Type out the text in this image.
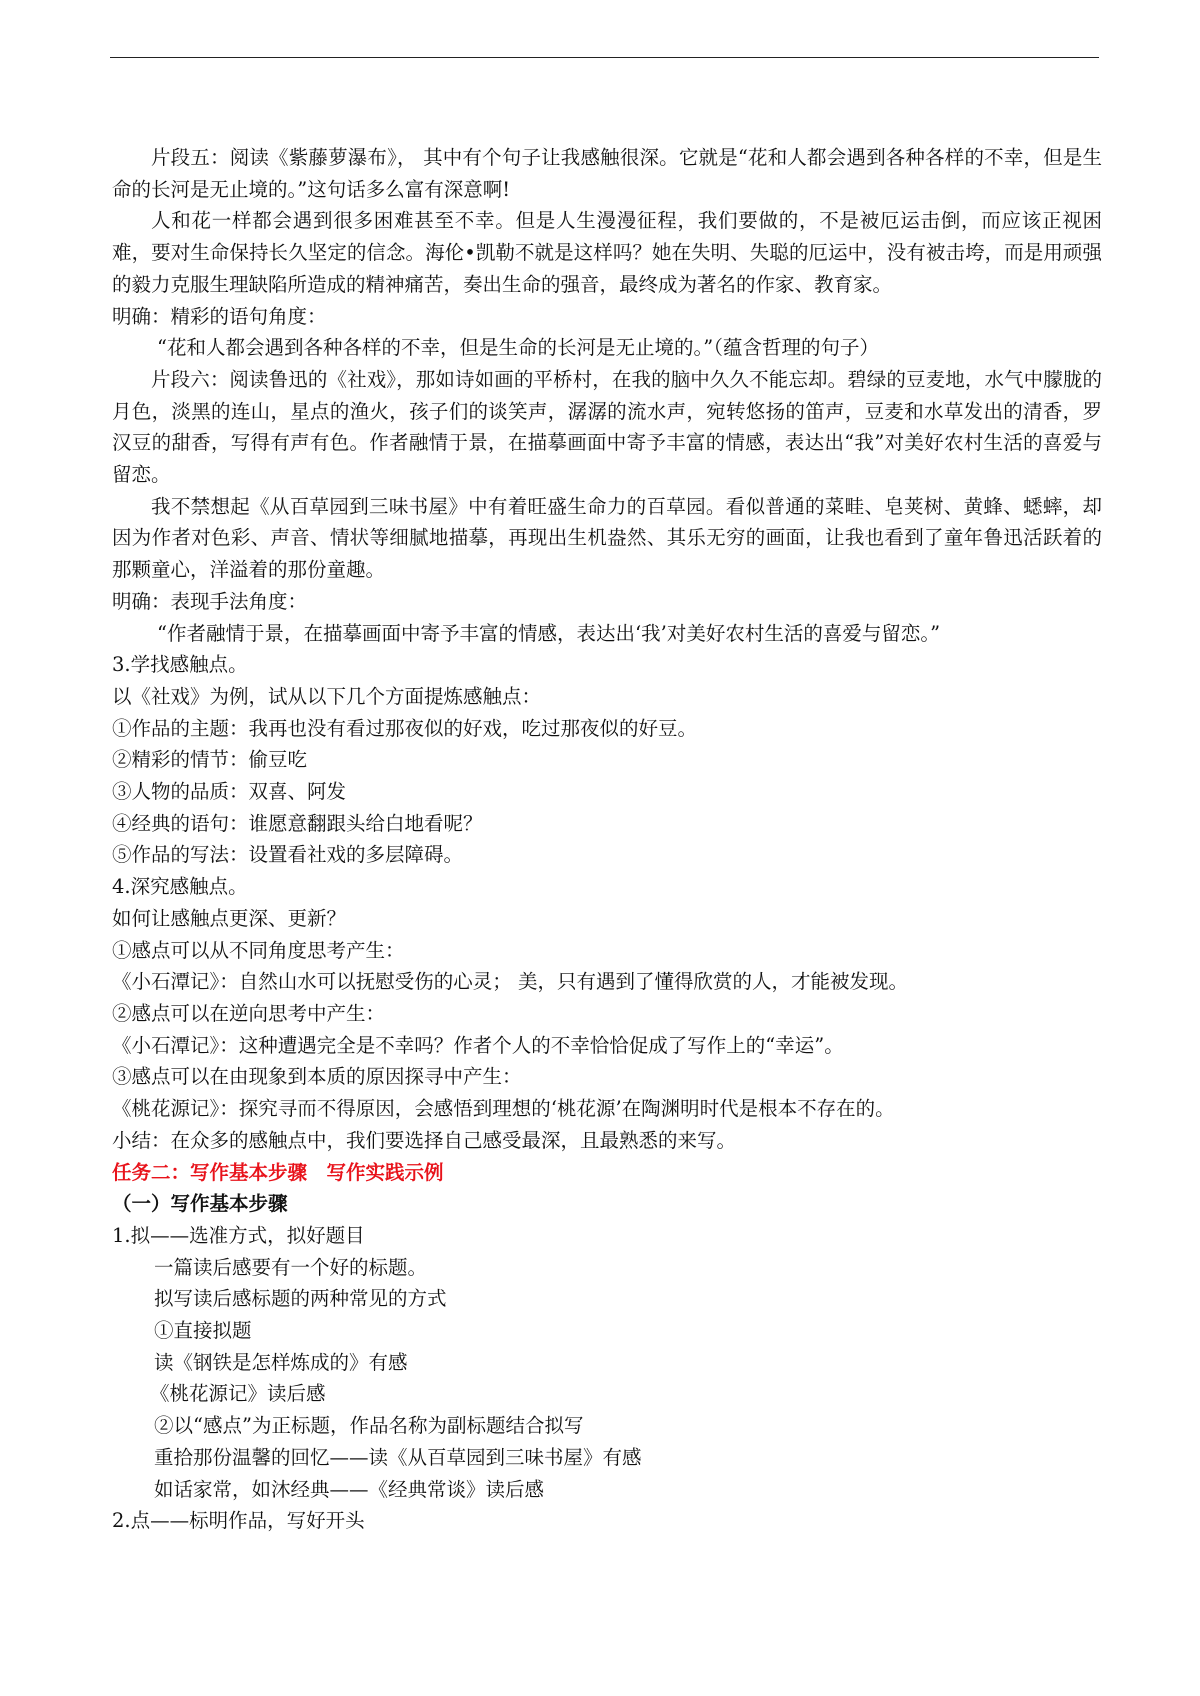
片段五：阅读《紫藤萝瀑布》， 其中有个句子让我感触很深。它就是“花和人都会遇到各种各样的不幸，但是生命的长河是无止境的。”这句话多么富有深意啊!

人和花一样都会遇到很多困难甚至不幸。但是人生漫漫征程，我们要做的，不是被厄运击倒，而应该正视困难，要对生命保持长久坚定的信念。海伦•凯勒不就是这样吗？她在失明、失聪的厄运中，没有被击垮，而是用顽强的毅力克服生理缺陷所造成的精神痛苦，奏出生命的强音，最终成为著名的作家、教育家。

明确：精彩的语句角度：

“花和人都会遇到各种各样的不幸，但是生命的长河是无止境的。”（蕴含哲理的句子）

片段六：阅读鲁迅的《社戏》，那如诗如画的平桥村，在我的脑中久久不能忘却。碧绿的豆麦地，水气中朦胧的月色，淡黑的连山，星点的渔火，孩子们的谈笑声，潺潺的流水声，宛转悠扬的笛声，豆麦和水草发出的清香，罗汉豆的甜香，写得有声有色。作者融情于景，在描摹画面中寄予丰富的情感，表达出“我”对美好农村生活的喜爱与留恋。

我不禁想起《从百草园到三味书屋》中有着旺盛生命力的百草园。看似普通的菜畦、皂荚树、黄蜂、蟋蟀，却因为作者对色彩、声音、情状等细腻地描摹，再现出生机盎然、其乐无穷的画面，让我也看到了童年鲁迅活跃着的那颗童心，洋溢着的那份童趣。

明确：表现手法角度：

“作者融情于景，在描摹画面中寄予丰富的情感，表达出‘我’对美好农村生活的喜爱与留恋。”

3.学找感触点。

以《社戏》为例，试从以下几个方面提炼感触点：

①作品的主题：我再也没有看过那夜似的好戏，吃过那夜似的好豆。

②精彩的情节：偷豆吃

③人物的品质：双喜、阿发

④经典的语句：谁愿意翻跟头给白地看呢？

⑤作品的写法：设置看社戏的多层障碍。

4.深究感触点。

如何让感触点更深、更新？

①感点可以从不同角度思考产生：

《小石潭记》：自然山水可以抚慰受伤的心灵； 美，只有遇到了懂得欣赏的人，才能被发现。

②感点可以在逆向思考中产生：

《小石潭记》：这种遭遇完全是不幸吗？作者个人的不幸恰恰促成了写作上的“幸运”。

③感点可以在由现象到本质的原因探寻中产生：

《桃花源记》：探究寻而不得原因，会感悟到理想的‘桃花源’在陶渊明时代是根本不存在的。

小结：在众多的感触点中，我们要选择自己感受最深，且最熟悉的来写。

任务二：写作基本步骤　写作实践示例

（一）写作基本步骤

1.拟——选准方式，拟好题目

一篇读后感要有一个好的标题。

拟写读后感标题的两种常见的方式

①直接拟题

读《钢铁是怎样炼成的》有感

《桃花源记》读后感

②以“感点”为正标题，作品名称为副标题结合拟写

重拾那份温馨的回忆——读《从百草园到三味书屋》有感

如话家常，如沐经典——《经典常谈》读后感

2.点——标明作品，写好开头
